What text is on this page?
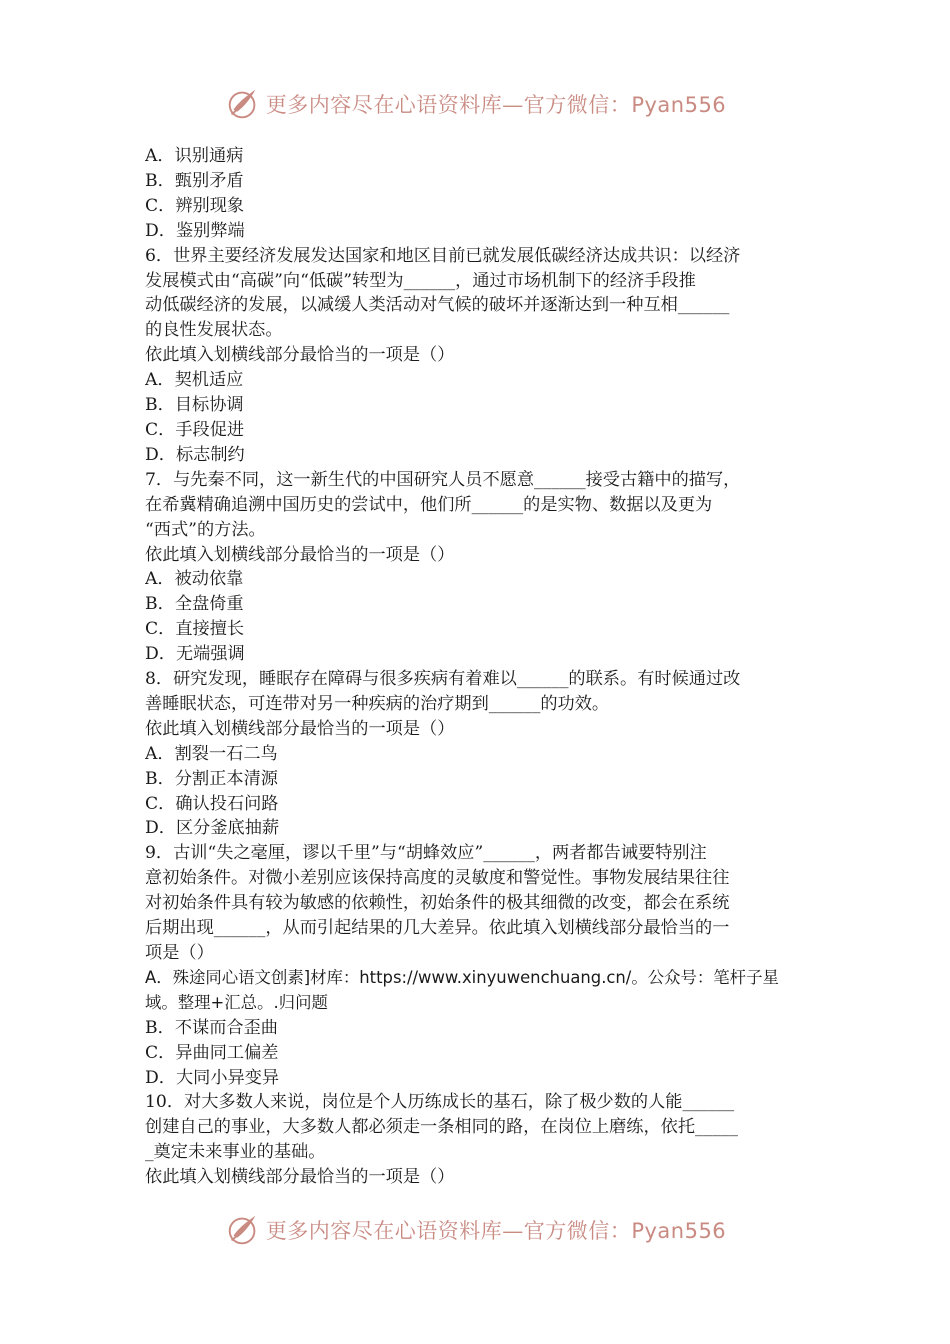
更多内容尽在心语资料库—官方微信：Pyan556
A．识别通病
B．甄别矛盾
C．辨别现象
D．鉴别弊端
6．世界主要经济发展发达国家和地区目前已就发展低碳经济达成共识：以经济
发展模式由“高碳”向“低碳”转型为______，通过市场机制下的经济手段推
动低碳经济的发展，以减缓人类活动对气候的破坏并逐渐达到一种互相______
的良性发展状态。
依此填入划横线部分最恰当的一项是（）
A．契机适应
B．目标协调
C．手段促进
D．标志制约
7．与先秦不同，这一新生代的中国研究人员不愿意______接受古籍中的描写，
在希冀精确追溯中国历史的尝试中，他们所______的是实物、数据以及更为
“西式”的方法。
依此填入划横线部分最恰当的一项是（）
A．被动依靠
B．全盘倚重
C．直接擅长
D．无端强调
8．研究发现，睡眠存在障碍与很多疾病有着难以______的联系。有时候通过改
善睡眠状态，可连带对另一种疾病的治疗期到______的功效。
依此填入划横线部分最恰当的一项是（）
A．割裂一石二鸟
B．分割正本清源
C．确认投石问路
D．区分釜底抽薪
9．古训“失之毫厘，谬以千里”与“胡蜂效应”______，两者都告诫要特别注
意初始条件。对微小差别应该保持高度的灵敏度和警觉性。事物发展结果往往
对初始条件具有较为敏感的依赖性，初始条件的极其细微的改变，都会在系统
后期出现______，从而引起结果的几大差异。依此填入划横线部分最恰当的一
项是（）
A．殊途同心语文创素]材库：https://www.xinyuwenchuang.cn/。公众号：笔杆子星
域。整理+汇总。.归问题
B．不谋而合歪曲
C．异曲同工偏差
D．大同小异变异
10．对大多数人来说，岗位是个人历练成长的基石，除了极少数的人能______
创建自己的事业，大多数人都必须走一条相同的路，在岗位上磨练，依托_____
_奠定未来事业的基础。
依此填入划横线部分最恰当的一项是（）
更多内容尽在心语资料库—官方微信：Pyan556
